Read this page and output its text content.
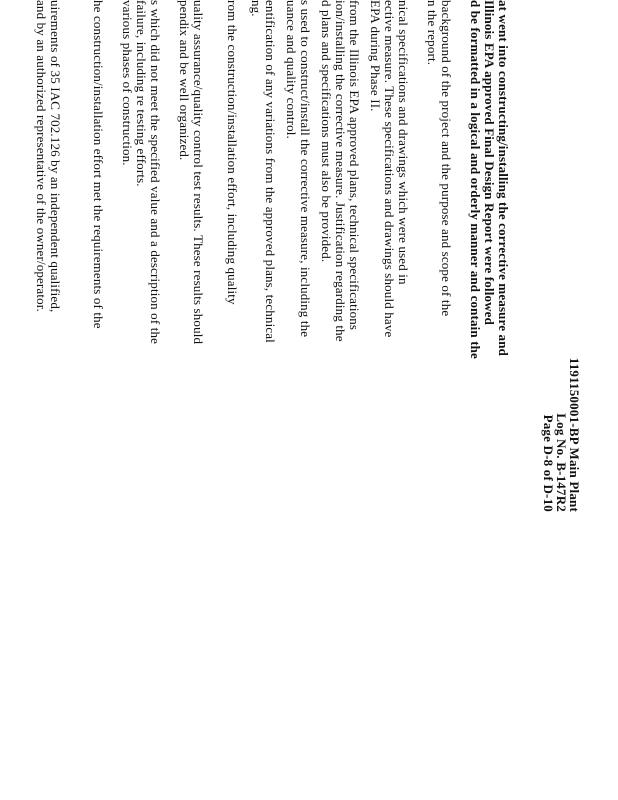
1191150001-BP Main Plant
Log No. B-147R2
Page D-8 of D-10
at went into constructing/installing the corrective measure and
Illinois EPA approved Final Design Report were followed
d be formatted in a logical and orderly manner and contain the
background of the project and the purpose and scope of the
n the report.
nical specifications and drawings which were used in
ective measure. These specifications and drawings should have
EPA during Phase II.
from the Illinois EPA approved plans, technical specifications
ion/installing the corrective measure. Justification regarding the
d plans and specifications must also be provided.
s used to construct/install the corrective measure, including the
uance and quality control.
entification of any variations from the approved plans, technical
ng.
rom the construction/installation effort, including quality
uality assurance/quality control test results. These results should
pendix and be well organized.
s which did not meet the specified value and a description of the
failure, including re testing efforts.
various phases of construction.
he construction/installation effort met the requirements of the
uirements of 35 IAC 702.126 by an independent qualified,
and by an authorized representative of the owner/operator.
